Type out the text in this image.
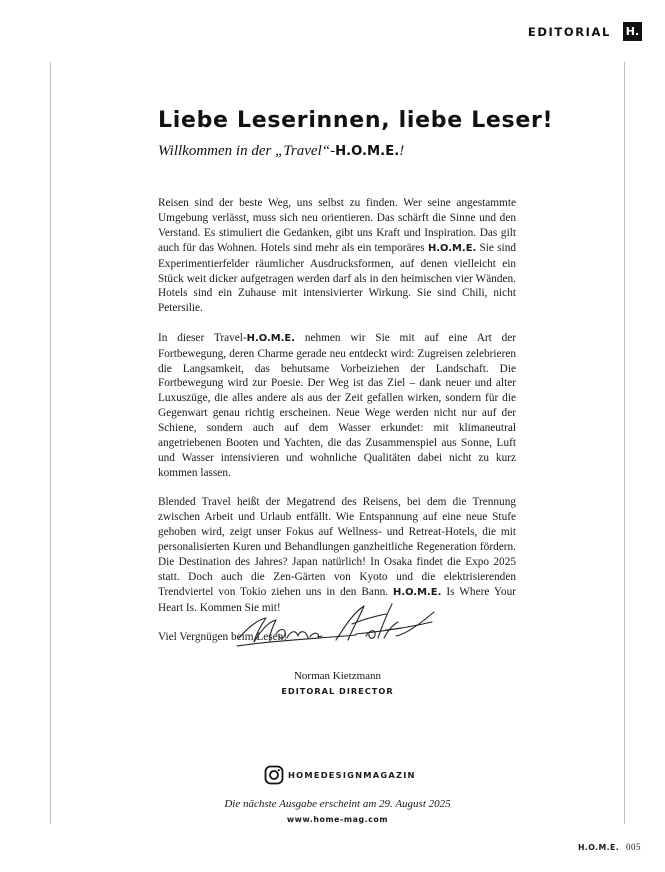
EDITORIAL H.
Liebe Leserinnen, liebe Leser!

Willkommen in der „Travel“-H.O.M.E.!

Reisen sind der beste Weg, uns selbst zu finden. Wer seine angestammte Umgebung verlässt, muss sich neu orientieren. Das schärft die Sinne und den Verstand. Es stimuliert die Gedanken, gibt uns Kraft und Inspiration. Das gilt auch für das Wohnen. Hotels sind mehr als ein temporäres H.O.M.E. Sie sind Experimentierfelder räumlicher Ausdrucksformen, auf denen vielleicht ein Stück weit dicker aufgetragen werden darf als in den heimischen vier Wänden. Hotels sind ein Zuhause mit intensivierter Wirkung. Sie sind Chili, nicht Petersilie.

In dieser Travel-H.O.M.E. nehmen wir Sie mit auf eine Art der Fortbewegung, deren Charme gerade neu entdeckt wird: Zugreisen zelebrieren die Langsamkeit, das behutsame Vorbeiziehen der Landschaft. Die Fortbewegung wird zur Poesie. Der Weg ist das Ziel – dank neuer und alter Luxuszüge, die alles andere als aus der Zeit gefallen wirken, sondern für die Gegenwart genau richtig erscheinen. Neue Wege werden nicht nur auf der Schiene, sondern auch auf dem Wasser erkundet: mit klimaneutral angetriebenen Booten und Yachten, die das Zusammenspiel aus Sonne, Luft und Wasser intensivieren und wohnliche Qualitäten dabei nicht zu kurz kommen lassen.

Blended Travel heißt der Megatrend des Reisens, bei dem die Trennung zwischen Arbeit und Urlaub entfällt. Wie Entspannung auf eine neue Stufe gehoben wird, zeigt unser Fokus auf Wellness- und Retreat-Hotels, die mit personalisierten Kuren und Behandlungen ganzheitliche Regeneration fördern. Die Destination des Jahres? Japan natürlich! In Osaka findet die Expo 2025 statt. Doch auch die Zen-Gärten von Kyoto und die elektrisierenden Trendviertel von Tokio ziehen uns in den Bann. H.O.M.E. Is Where Your Heart Is. Kommen Sie mit!

Viel Vergnügen beim Lesen!

Norman Kietzmann

EDITORAL DIRECTOR

HOMEDESIGNMAGAZIN

Die nächste Ausgabe erscheint am 29. August 2025

www.home-mag.com

H.O.M.E. 005
